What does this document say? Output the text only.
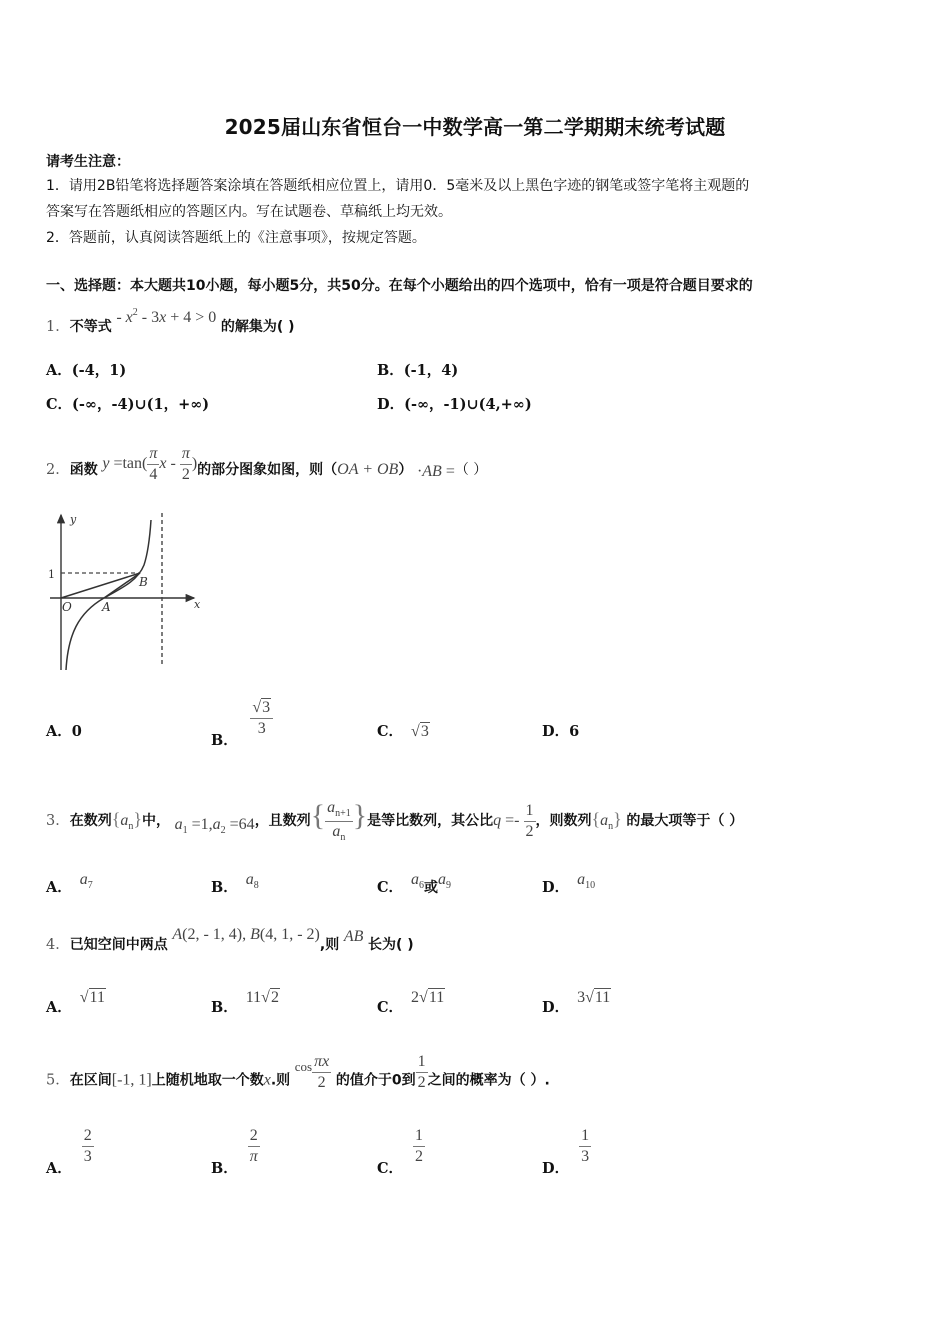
2025届山东省恒台一中数学高一第二学期期末统考试题
请考生注意：
1．请用2B铅笔将选择题答案涂填在答题纸相应位置上，请用0．5毫米及以上黑色字迹的钢笔或签字笔将主观题的
答案写在答题纸相应的答题区内。写在试题卷、草稿纸上均无效。
2．答题前，认真阅读答题纸上的《注意事项》，按规定答题。
一、选择题：本大题共10小题，每小题5分，共50分。在每个小题给出的四个选项中，恰有一项是符合题目要求的
1．不等式 - $x^2 - 3x + 4 > 0$ 的解集为( )
A．(-4，1)	B．(-1，4)
C．(-∞，-4)∪(1，+∞)	D．(-∞，-1)∪(4,+∞)
2．函数 $y =\tan( \frac{\pi}{4}$ x - $\frac{\pi}{2}$ )的部分图象如图，则（OA + OB） ·AB =（ ）
y
x
1
O	A
B
A．0	B．
$\frac{√3}{3}$	C． √3	D．6
3．在数列$\{a_n\}$中， $a_1 =1,a_2 =64$，且数列{ $\frac{a_{n+1}}{a_n}$ }是等比数列，其公比$q =- \frac{1}{2}$ ，则数列$\{a_n\}$ 的最大项等于（ ）
A． $a_7$	B． $a_8$	C． $a_6$或$a_9$	D． $a_{10}$
4．已知空间中两点 A(2, - 1, 4), B(4, 1, - 2),则 AB 长为( )
A．√11
B．11√2
C．2√11
D．3√11
5．在区间[-1, 1]上随机地取一个数x.则 $^{cos} \frac{\pi x}{2}$ 的值介于0到 $\frac{1}{2}$ 之间的概率为（ ）.
A．
$\frac{2}{3}$
B．
$\frac{2}{\pi}$
C．
$\frac{1}{2}$
D．
$\frac{1}{3}$
